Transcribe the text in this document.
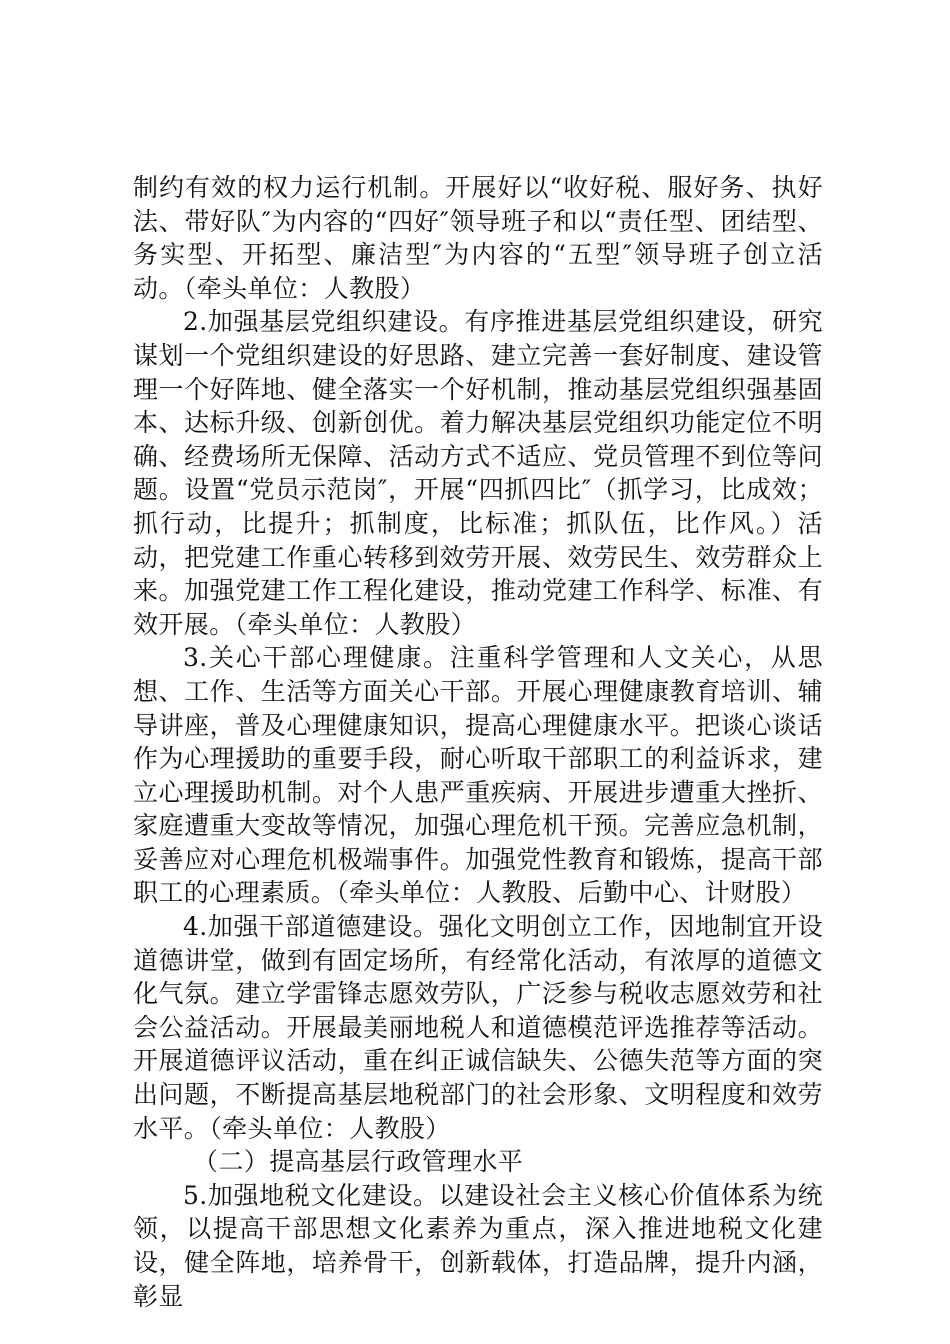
制约有效的权力运行机制。开展好以“收好税、服好务、执好法、带好队″为内容的“四好″领导班子和以“责任型、团结型、务实型、开拓型、廉洁型″为内容的“五型″领导班子创立活动。（牵头单位：人教股）

2.加强基层党组织建设。有序推进基层党组织建设，研究谋划一个党组织建设的好思路、建立完善一套好制度、建设管理一个好阵地、健全落实一个好机制，推动基层党组织强基固本、达标升级、创新创优。着力解决基层党组织功能定位不明确、经费场所无保障、活动方式不适应、党员管理不到位等问题。设置“党员示范岗″，开展“四抓四比″（抓学习，比成效；抓行动，比提升；抓制度，比标准；抓队伍，比作风。）活动，把党建工作重心转移到效劳开展、效劳民生、效劳群众上来。加强党建工作工程化建设，推动党建工作科学、标准、有效开展。（牵头单位：人教股）

3.关心干部心理健康。注重科学管理和人文关心，从思想、工作、生活等方面关心干部。开展心理健康教育培训、辅导讲座，普及心理健康知识，提高心理健康水平。把谈心谈话作为心理援助的重要手段，耐心听取干部职工的利益诉求，建立心理援助机制。对个人患严重疾病、开展进步遭重大挫折、家庭遭重大变故等情况，加强心理危机干预。完善应急机制，妥善应对心理危机极端事件。加强党性教育和锻炼，提高干部职工的心理素质。（牵头单位：人教股、后勤中心、计财股）

4.加强干部道德建设。强化文明创立工作，因地制宜开设道德讲堂，做到有固定场所，有经常化活动，有浓厚的道德文化气氛。建立学雷锋志愿效劳队，广泛参与税收志愿效劳和社会公益活动。开展最美丽地税人和道德模范评选推荐等活动。开展道德评议活动，重在纠正诚信缺失、公德失范等方面的突出问题，不断提高基层地税部门的社会形象、文明程度和效劳水平。（牵头单位：人教股）

（二）提高基层行政管理水平

5.加强地税文化建设。以建设社会主义核心价值体系为统领，以提高干部思想文化素养为重点，深入推进地税文化建设，健全阵地，培养骨干，创新载体，打造品牌，提升内涵，彰显
